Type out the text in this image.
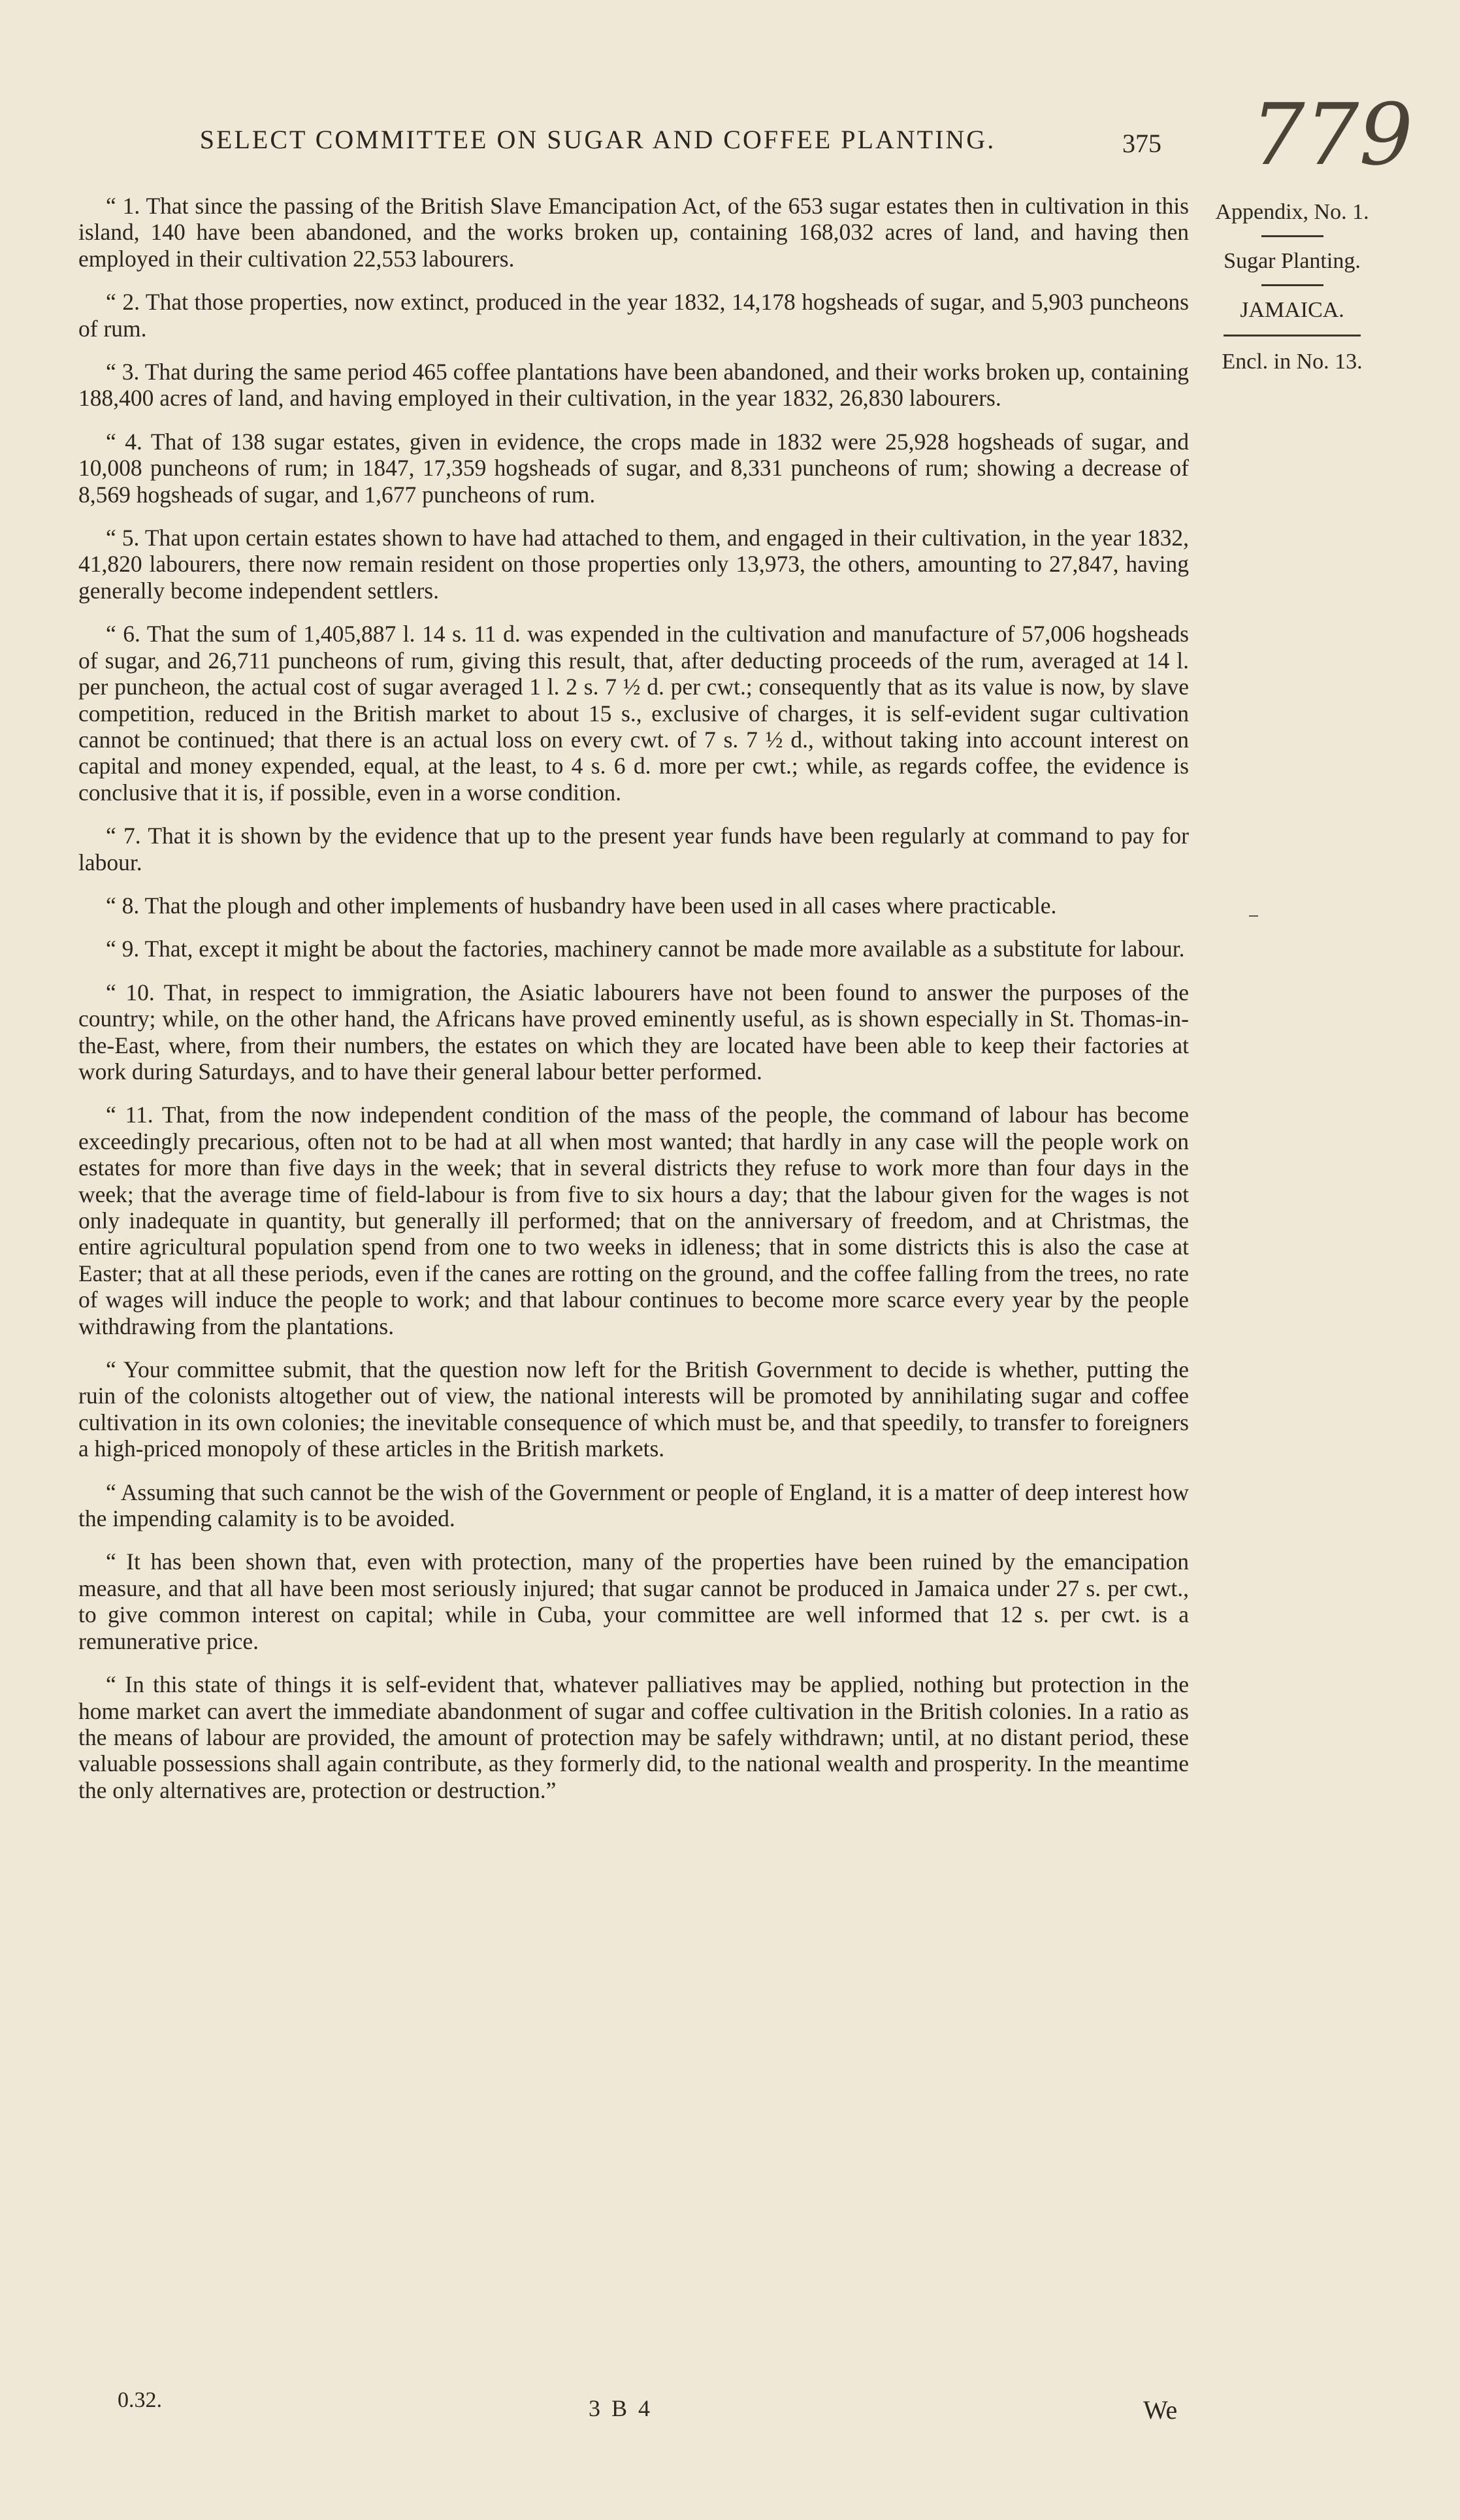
SELECT COMMITTEE ON SUGAR AND COFFEE PLANTING.	375 779
Appendix, No. 1.
Sugar Planting.
JAMAICA.
Encl. in No. 13.

“ 1. That since the passing of the British Slave Emancipation Act, of the 653 sugar estates then in cultivation in this island, 140 have been abandoned, and the works broken up, containing 168,032 acres of land, and having then employed in their cultivation 22,553 labourers.

“ 2. That those properties, now extinct, produced in the year 1832, 14,178 hogsheads of sugar, and 5,903 puncheons of rum.

“ 3. That during the same period 465 coffee plantations have been abandoned, and their works broken up, containing 188,400 acres of land, and having employed in their cultivation, in the year 1832, 26,830 labourers.

“ 4. That of 138 sugar estates, given in evidence, the crops made in 1832 were 25,928 hogsheads of sugar, and 10,008 puncheons of rum; in 1847, 17,359 hogsheads of sugar, and 8,331 puncheons of rum; showing a decrease of 8,569 hogsheads of sugar, and 1,677 puncheons of rum.

“ 5. That upon certain estates shown to have had attached to them, and engaged in their cultivation, in the year 1832, 41,820 labourers, there now remain resident on those properties only 13,973, the others, amounting to 27,847, having generally become independent settlers.

“ 6. That the sum of 1,405,887 l. 14 s. 11 d. was expended in the cultivation and manufacture of 57,006 hogsheads of sugar, and 26,711 puncheons of rum, giving this result, that, after deducting proceeds of the rum, averaged at 14 l. per puncheon, the actual cost of sugar averaged 1 l. 2 s. 7 ½ d. per cwt.; consequently that as its value is now, by slave competition, reduced in the British market to about 15 s., exclusive of charges, it is self-evident sugar cultivation cannot be continued; that there is an actual loss on every cwt. of 7 s. 7 ½ d., without taking into account interest on capital and money expended, equal, at the least, to 4 s. 6 d. more per cwt.; while, as regards coffee, the evidence is conclusive that it is, if possible, even in a worse condition.

“ 7. That it is shown by the evidence that up to the present year funds have been regularly at command to pay for labour.

“ 8. That the plough and other implements of husbandry have been used in all cases where practicable.

“ 9. That, except it might be about the factories, machinery cannot be made more available as a substitute for labour.

“ 10. That, in respect to immigration, the Asiatic labourers have not been found to answer the purposes of the country; while, on the other hand, the Africans have proved eminently useful, as is shown especially in St. Thomas-in-the-East, where, from their numbers, the estates on which they are located have been able to keep their factories at work during Saturdays, and to have their general labour better performed.

“ 11. That, from the now independent condition of the mass of the people, the command of labour has become exceedingly precarious, often not to be had at all when most wanted; that hardly in any case will the people work on estates for more than five days in the week; that in several districts they refuse to work more than four days in the week; that the average time of field-labour is from five to six hours a day; that the labour given for the wages is not only inadequate in quantity, but generally ill performed; that on the anniversary of freedom, and at Christmas, the entire agricultural population spend from one to two weeks in idleness; that in some districts this is also the case at Easter; that at all these periods, even if the canes are rotting on the ground, and the coffee falling from the trees, no rate of wages will induce the people to work; and that labour continues to become more scarce every year by the people withdrawing from the plantations.

“ Your committee submit, that the question now left for the British Government to decide is whether, putting the ruin of the colonists altogether out of view, the national interests will be promoted by annihilating sugar and coffee cultivation in its own colonies; the inevitable consequence of which must be, and that speedily, to transfer to foreigners a high-priced monopoly of these articles in the British markets.

“ Assuming that such cannot be the wish of the Government or people of England, it is a matter of deep interest how the impending calamity is to be avoided.

“ It has been shown that, even with protection, many of the properties have been ruined by the emancipation measure, and that all have been most seriously injured; that sugar cannot be produced in Jamaica under 27 s. per cwt., to give common interest on capital; while in Cuba, your committee are well informed that 12 s. per cwt. is a remunerative price.

“ In this state of things it is self-evident that, whatever palliatives may be applied, nothing but protection in the home market can avert the immediate abandonment of sugar and coffee cultivation in the British colonies. In a ratio as the means of labour are provided, the amount of protection may be safely withdrawn; until, at no distant period, these valuable possessions shall again contribute, as they formerly did, to the national wealth and prosperity. In the meantime the only alternatives are, protection or destruction.”

0.32.	3 B 4	We
